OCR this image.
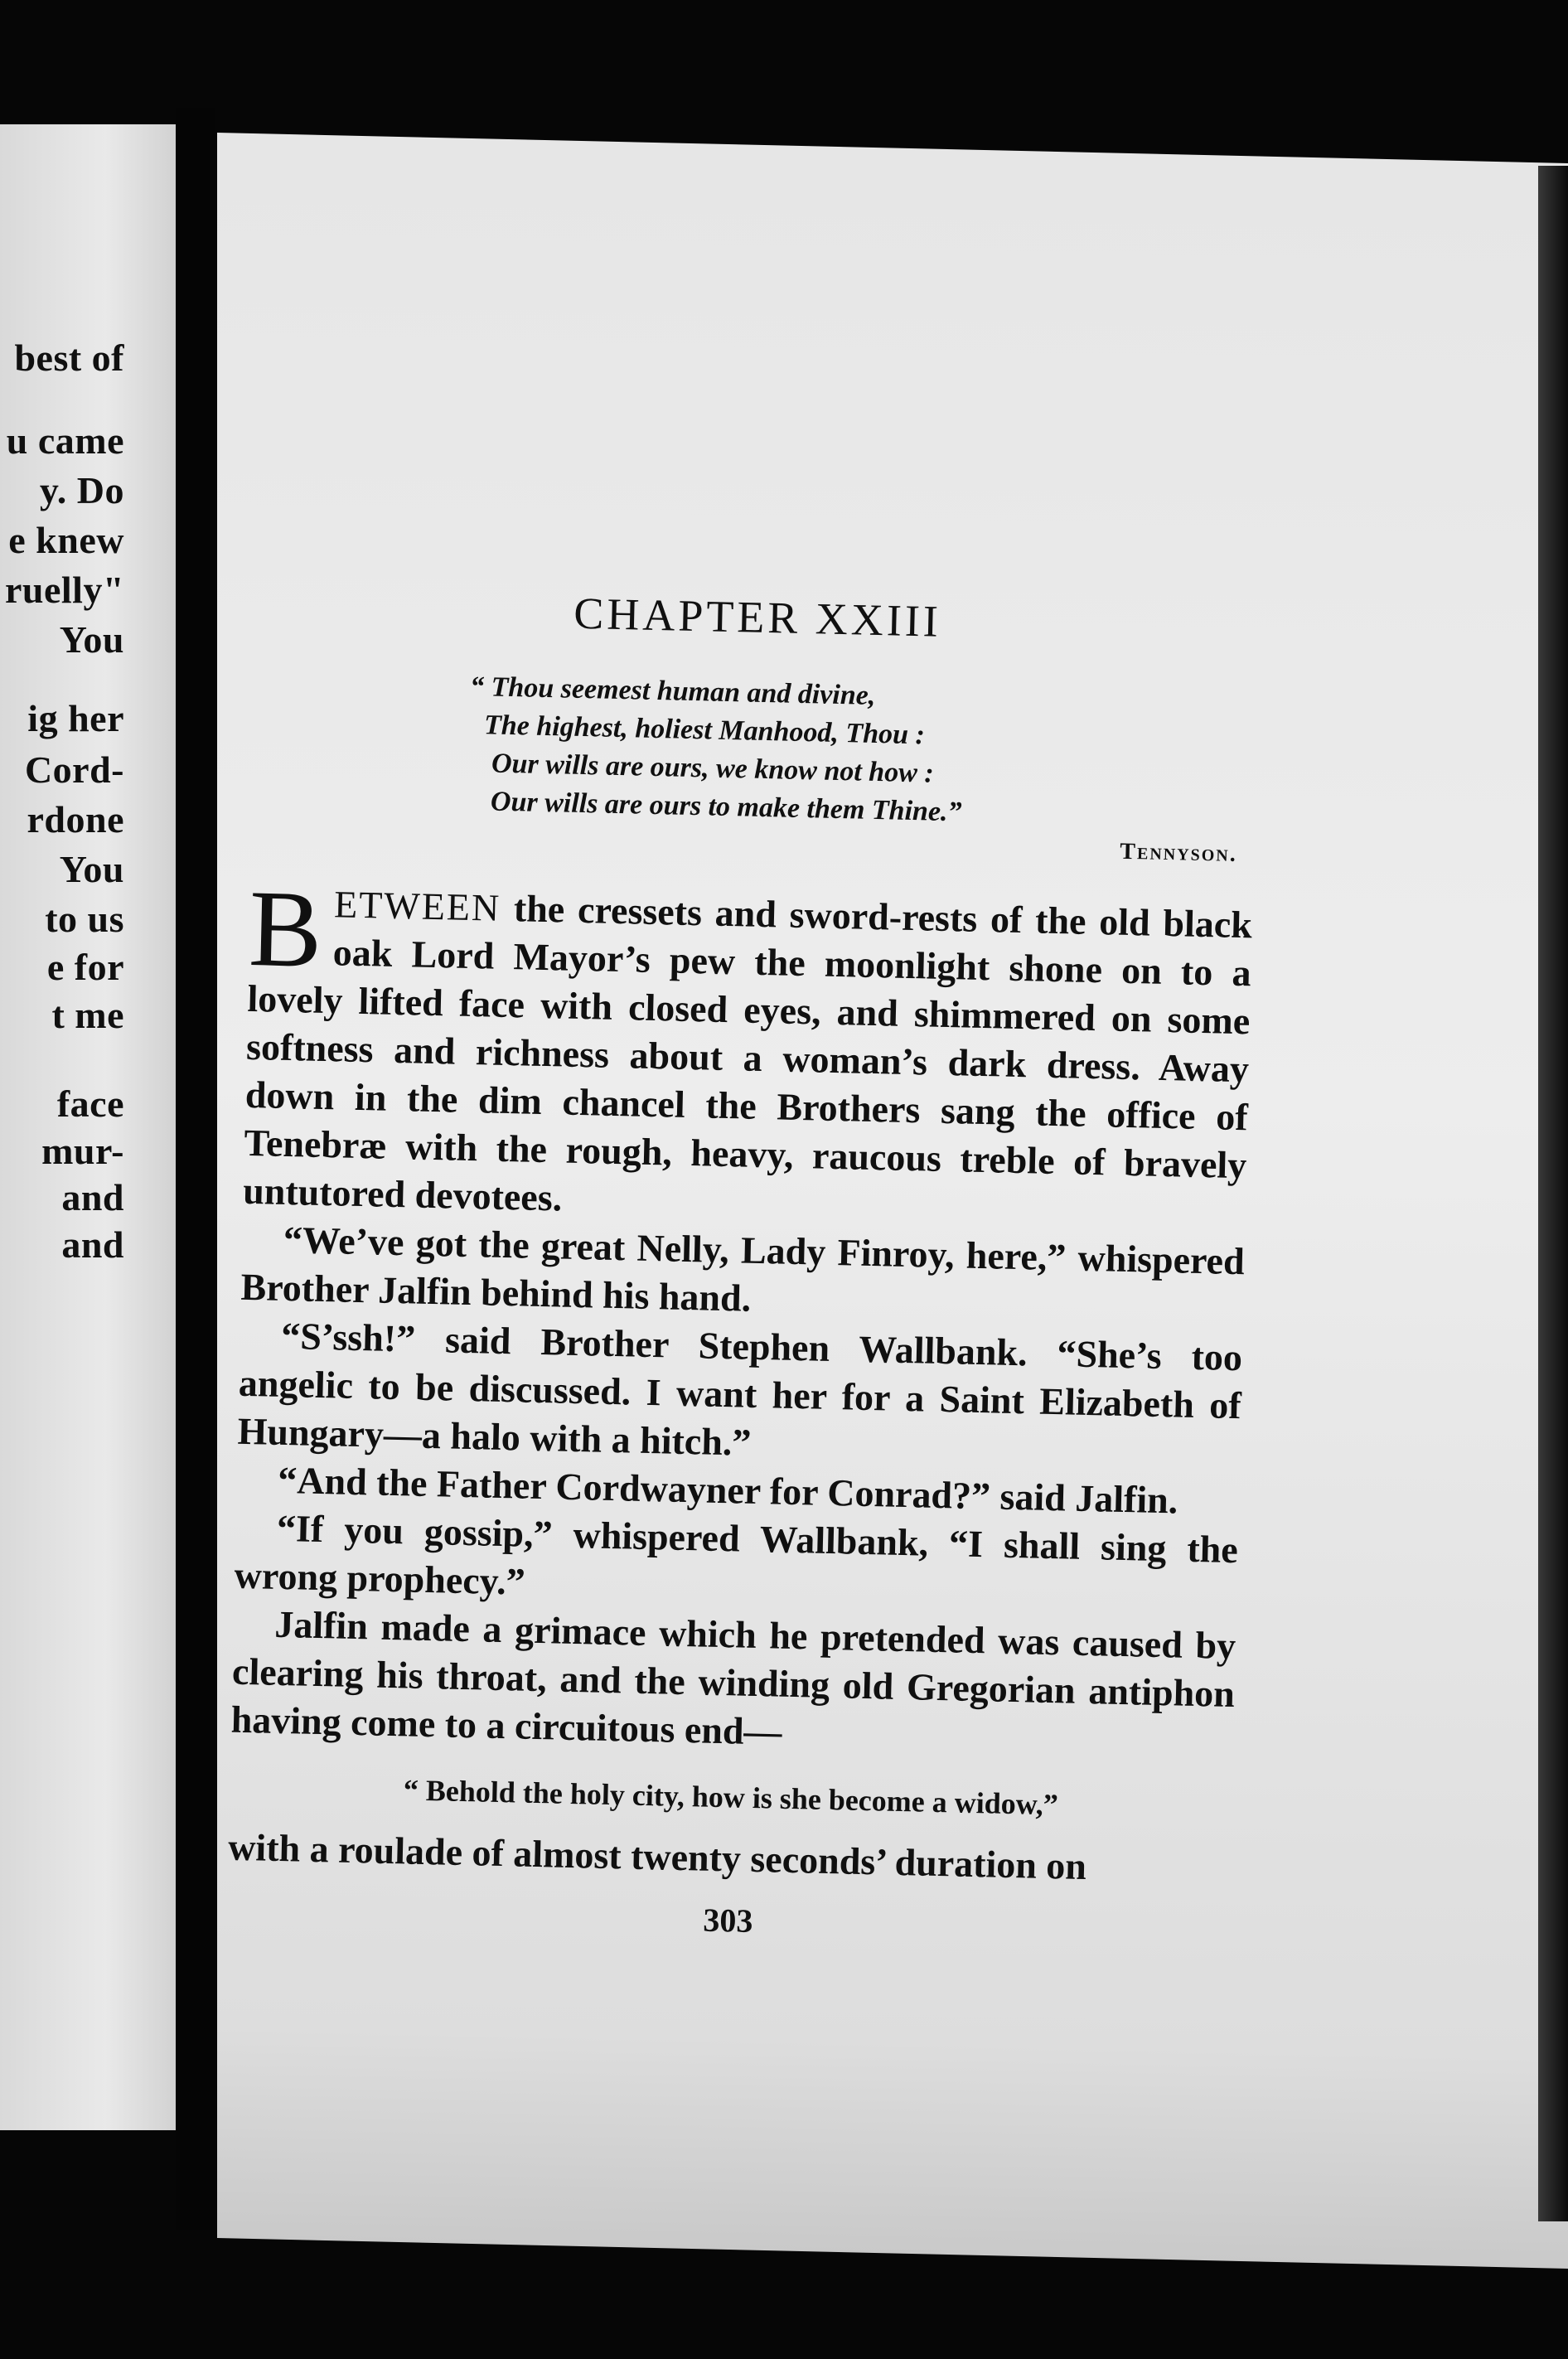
best of
u came
y. Do
e knew
ruelly"
You
ig her
Cord-
rdone
You
to us
e for
t me
face
mur-
and
and
CHAPTER XXIII
“ Thou seemest human and divine,
The highest, holiest Manhood, Thou :
Our wills are ours, we know not how :
Our wills are ours to make them Thine.”
Tennyson.

BETWEEN the cressets and sword-rests of the old black oak Lord Mayor’s pew the moonlight shone on to a lovely lifted face with closed eyes, and shimmered on some softness and richness about a woman’s dark dress. Away down in the dim chancel the Brothers sang the office of Tenebræ with the rough, heavy, raucous treble of bravely untutored devotees.

“We’ve got the great Nelly, Lady Finroy, here,” whispered Brother Jalfin behind his hand.

“S’ssh!” said Brother Stephen Wallbank. “She’s too angelic to be discussed. I want her for a Saint Elizabeth of Hungary—a halo with a hitch.”

“And the Father Cordwayner for Conrad?” said Jalfin.

“If you gossip,” whispered Wallbank, “I shall sing the wrong prophecy.”

Jalfin made a grimace which he pretended was caused by clearing his throat, and the winding old Gregorian antiphon having come to a circuitous end—

“ Behold the holy city, how is she become a widow,”

with a roulade of almost twenty seconds’ duration on

303
